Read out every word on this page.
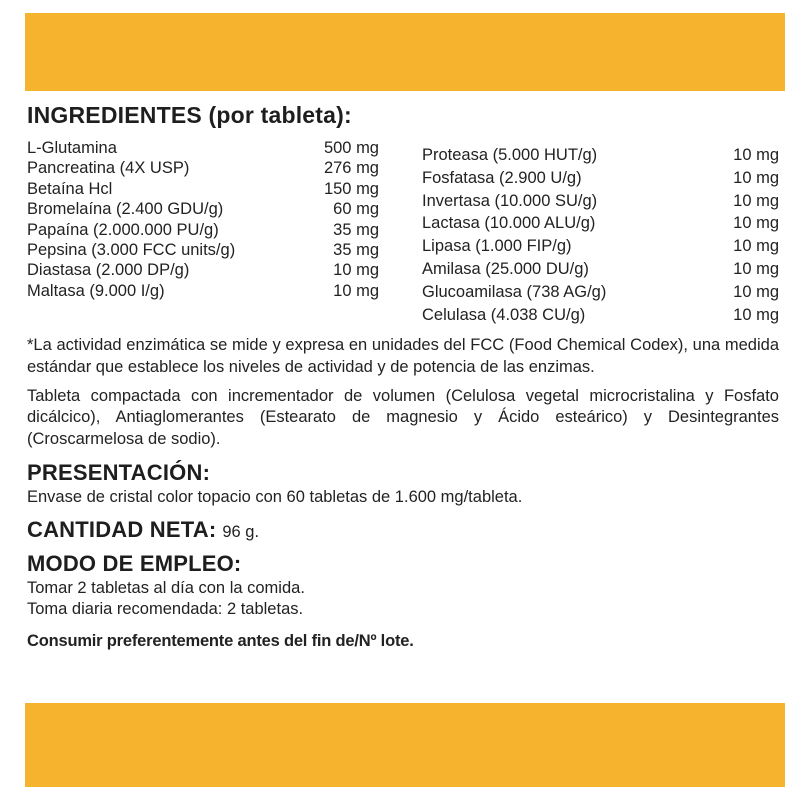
INGREDIENTES (por tableta):
L-Glutamina	500 mg
Pancreatina (4X USP)	276 mg
Betaína Hcl	150 mg
Bromelaína (2.400 GDU/g)	60 mg
Papaína (2.000.000 PU/g)	35 mg
Pepsina (3.000 FCC units/g)	35 mg
Diastasa (2.000 DP/g)	10 mg
Maltasa (9.000 I/g)	10 mg
Proteasa (5.000 HUT/g)	10 mg
Fosfatasa (2.900 U/g)	10 mg
Invertasa (10.000 SU/g)	10 mg
Lactasa (10.000 ALU/g)	10 mg
Lipasa (1.000 FIP/g)	10 mg
Amilasa (25.000 DU/g)	10 mg
Glucoamilasa (738 AG/g)	10 mg
Celulasa (4.038 CU/g)	10 mg

*La actividad enzimática se mide y expresa en unidades del FCC (Food Chemical Codex), una medida estándar que establece los niveles de actividad y de potencia de las enzimas.

Tableta compactada con incrementador de volumen (Celulosa vegetal microcristalina y Fosfato dicálcico), Antiaglomerantes (Estearato de magnesio y Ácido esteárico) y Desintegrantes (Croscarmelosa de sodio).

PRESENTACIÓN:

Envase de cristal color topacio con 60 tabletas de 1.600 mg/tableta.

CANTIDAD NETA: 96 g.
MODO DE EMPLEO:

Tomar 2 tabletas al día con la comida.

Toma diaria recomendada: 2 tabletas.

Consumir preferentemente antes del fin de/Nº lote.
